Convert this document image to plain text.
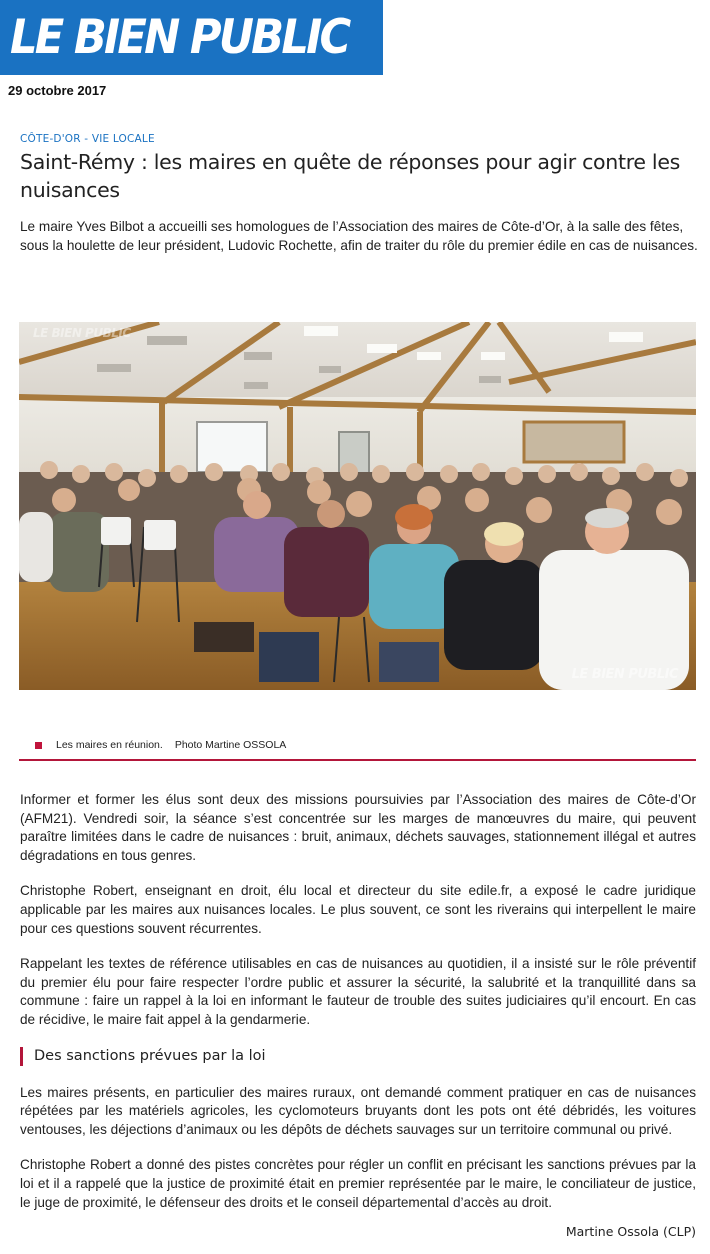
LE BIEN PUBLIC
29 octobre 2017
CÔTE-D'OR - VIE LOCALE
Saint-Rémy : les maires en quête de réponses pour agir contre les nuisances

Le maire Yves Bilbot a accueilli ses homologues de l’Association des maires de Côte-d’Or, à la salle des fêtes, sous la houlette de leur président, Ludovic Rochette, afin de traiter du rôle du premier édile en cas de nuisances.

LE BIEN PUBLIC
LE BIEN PUBLIC
Les maires en réunion. Photo Martine OSSOLA

Informer et former les élus sont deux des missions poursuivies par l’Association des maires de Côte-d’Or (AFM21). Vendredi soir, la séance s’est concentrée sur les marges de manœuvres du maire, qui peuvent paraître limitées dans le cadre de nuisances : bruit, animaux, déchets sauvages, stationnement illégal et autres dégradations en tous genres.

Christophe Robert, enseignant en droit, élu local et directeur du site edile.fr, a exposé le cadre juridique applicable par les maires aux nuisances locales. Le plus souvent, ce sont les riverains qui interpellent le maire pour ces questions souvent récurrentes.

Rappelant les textes de référence utilisables en cas de nuisances au quotidien, il a insisté sur le rôle préventif du premier élu pour faire respecter l’ordre public et assurer la sécurité, la salubrité et la tranquillité dans sa commune : faire un rappel à la loi en informant le fauteur de trouble des suites judiciaires qu’il encourt. En cas de récidive, le maire fait appel à la gendarmerie.

Des sanctions prévues par la loi

Les maires présents, en particulier des maires ruraux, ont demandé comment pratiquer en cas de nuisances répétées par les matériels agricoles, les cyclomoteurs bruyants dont les pots ont été débridés, les voitures ventouses, les déjections d’animaux ou les dépôts de déchets sauvages sur un territoire communal ou privé.

Christophe Robert a donné des pistes concrètes pour régler un conflit en précisant les sanctions prévues par la loi et il a rappelé que la justice de proximité était en premier représentée par le maire, le conciliateur de justice, le juge de proximité, le défenseur des droits et le conseil départemental d’accès au droit.

Martine Ossola (CLP)
